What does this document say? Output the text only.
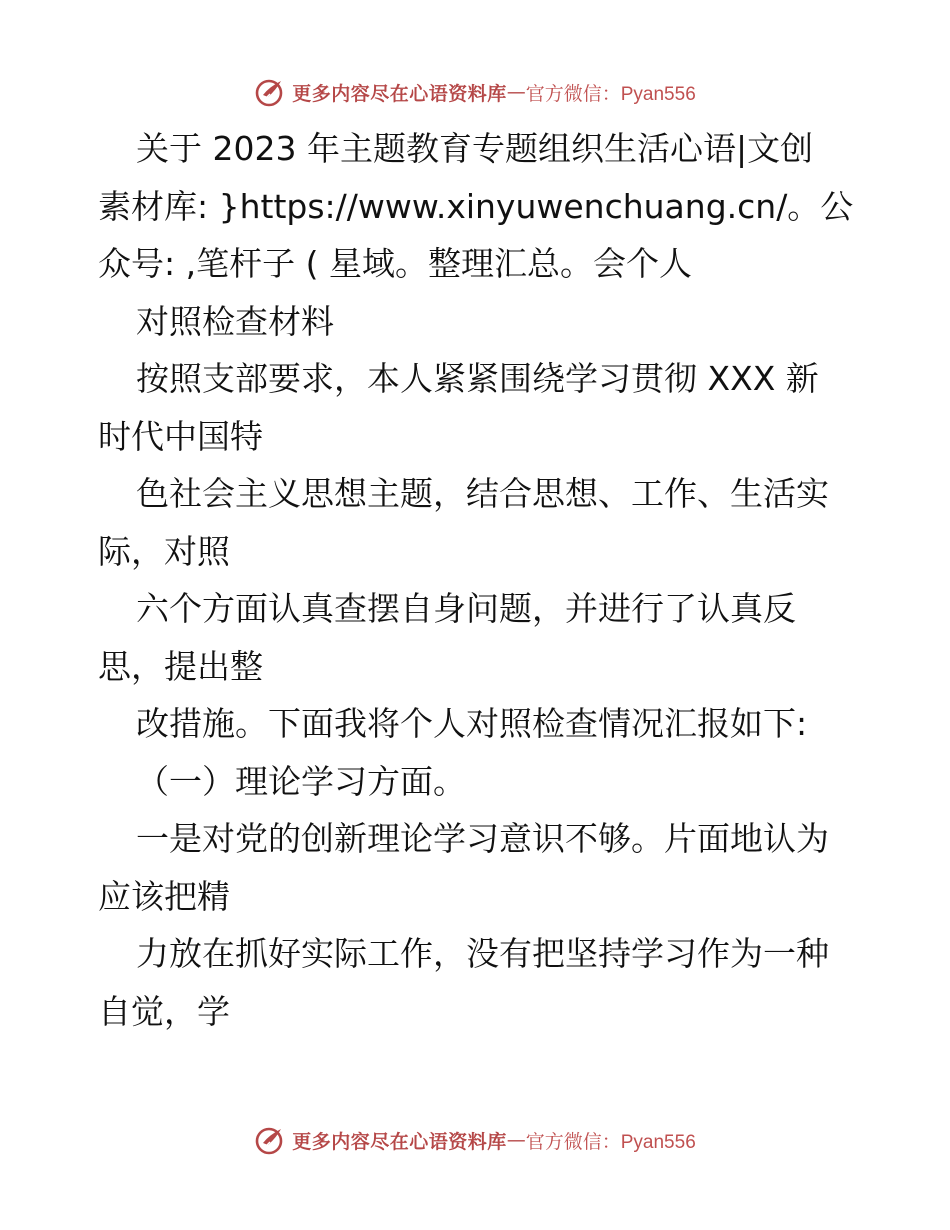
更多内容尽在心语资料库 — 官方微信：Pyan556
关于 2023 年主题教育专题组织生活心语|文创
素材库: }https://www.xinyuwenchuang.cn/。公
众号: ,笔杆子 ( 星域。整理汇总。会个人
对照检查材料
按照支部要求，本人紧紧围绕学习贯彻 XXX 新
时代中国特
色社会主义思想主题，结合思想、工作、生活实
际，对照
六个方面认真查摆自身问题，并进行了认真反
思，提出整
改措施。下面我将个人对照检查情况汇报如下:
（一）理论学习方面。
一是对党的创新理论学习意识不够。片面地认为
应该把精
力放在抓好实际工作，没有把坚持学习作为一种
自觉，学
更多内容尽在心语资料库 — 官方微信：Pyan556
